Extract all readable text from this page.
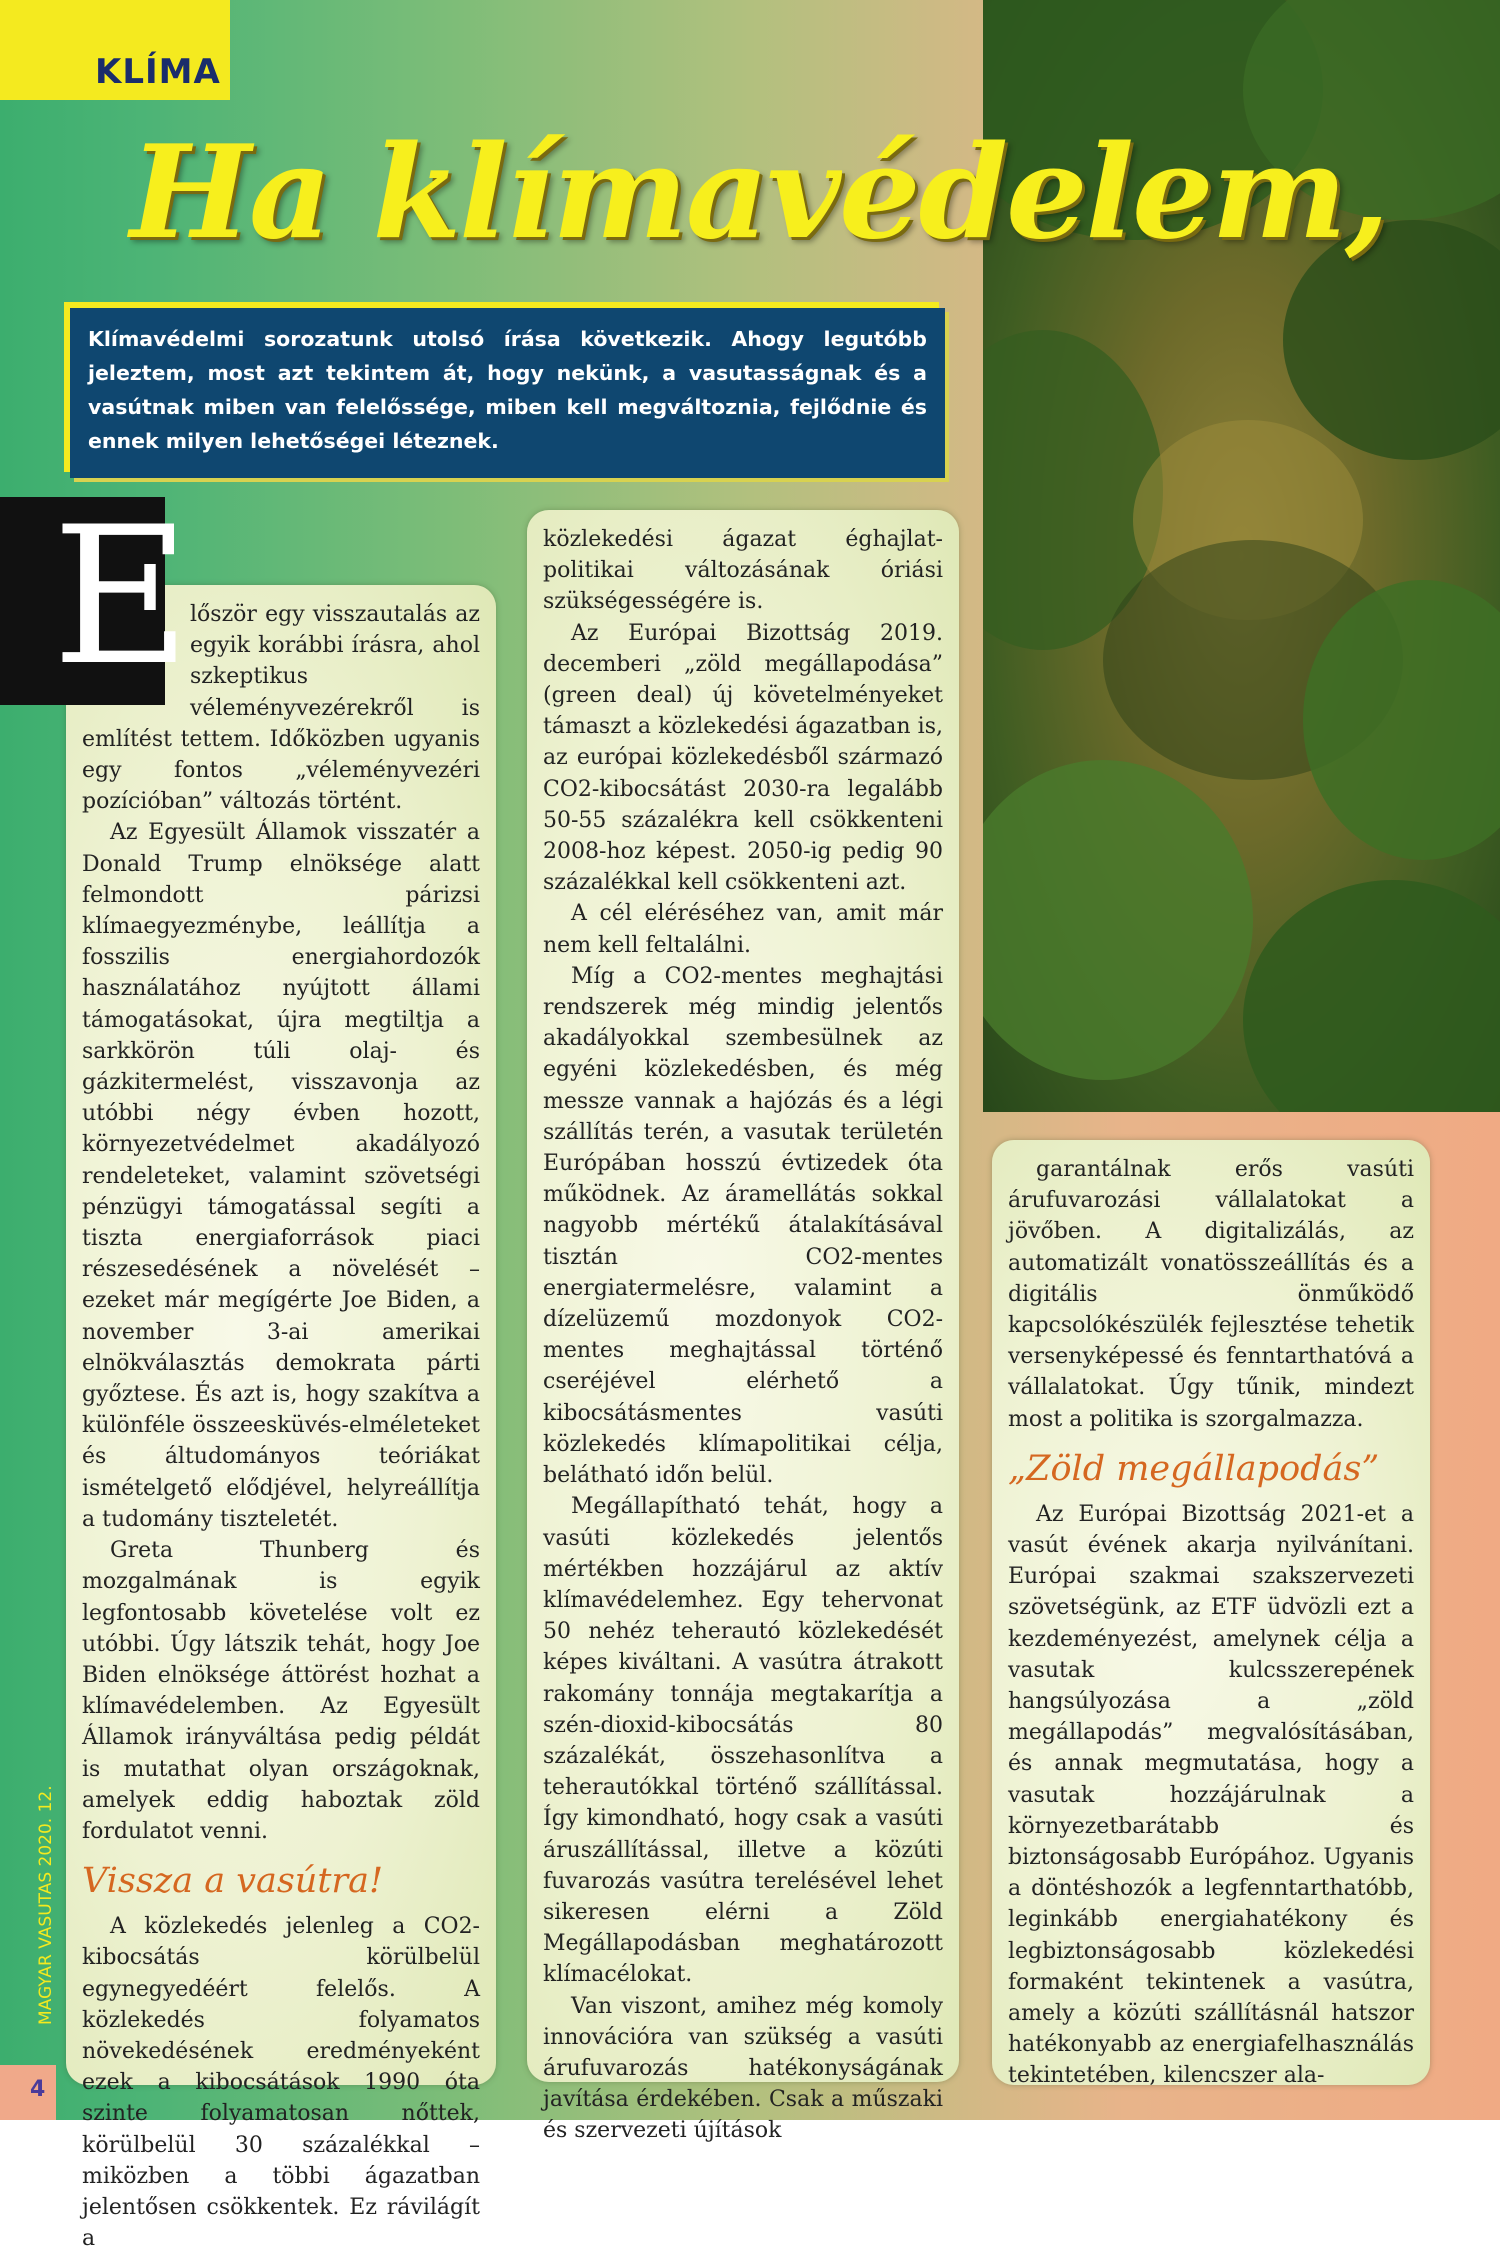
KLÍMA
Ha klímavédelem,

Klímavédelmi sorozatunk utolsó írása következik. Ahogy legutóbb jeleztem, most azt tekintem át, hogy nekünk, a vasutasságnak és a vasútnak miben van felelőssége, miben kell megváltoznia, fejlődnie és ennek milyen lehetőségei léteznek.

lőször egy visszautalás az egyik korábbi írásra, ahol szkeptikus véleményvezérekről is említést tettem. Időközben ugyanis egy fontos „véleményvezéri pozícióban” változás történt.

Az Egyesült Államok visszatér a Donald Trump elnöksége alatt felmondott párizsi klímaegyezménybe, leállítja a fosszilis energiahordozók használatához nyújtott állami támogatásokat, újra megtiltja a sarkkörön túli olaj- és gázkitermelést, visszavonja az utóbbi négy évben hozott, környezetvédelmet akadályozó rendeleteket, valamint szövetségi pénzügyi támogatással segíti a tiszta energiaforrások piaci részesedésének a növelését – ezeket már megígérte Joe Biden, a november 3-ai amerikai elnökválasztás demokrata párti győztese. És azt is, hogy szakítva a különféle összeesküvés-elméleteket és áltudományos teóriákat ismételgető elődjével, helyreállítja a tudomány tiszteletét.

Greta Thunberg és mozgalmának is egyik legfontosabb követelése volt ez utóbbi. Úgy látszik tehát, hogy Joe Biden elnöksége áttörést hozhat a klímavédelemben. Az Egyesült Államok irányváltása pedig példát is mutathat olyan országoknak, amelyek eddig haboztak zöld fordulatot venni.

Vissza a vasútra!

A közlekedés jelenleg a CO2-kibocsátás körülbelül egynegyedéért felelős. A közlekedés folyamatos növekedésének eredményeként ezek a kibocsátások 1990 óta szinte folyamatosan nőttek, körülbelül 30 százalékkal – miközben a többi ágazatban jelentősen csökkentek. Ez rávilágít a

E	közlekedési ágazat éghajlat-politikai változásának óriási szükségességére is.

Az Európai Bizottság 2019. decemberi „zöld megállapodása” (green deal) új követelményeket támaszt a közlekedési ágazatban is, az európai közlekedésből származó CO2-kibocsátást 2030-ra legalább 50-55 százalékra kell csökkenteni 2008-hoz képest. 2050-ig pedig 90 százalékkal kell csökkenteni azt.

A cél eléréséhez van, amit már nem kell feltalálni.

Míg a CO2-mentes meghajtási rendszerek még mindig jelentős akadályokkal szembesülnek az egyéni közlekedésben, és még messze vannak a hajózás és a légi szállítás terén, a vasutak területén Európában hosszú évtizedek óta működnek. Az áramellátás sokkal nagyobb mértékű átalakításával tisztán CO2-mentes energiatermelésre, valamint a dízelüzemű mozdonyok CO2-mentes meghajtással történő cseréjével elérhető a kibocsátásmentes vasúti közlekedés klímapolitikai célja, belátható időn belül.

Megállapítható tehát, hogy a vasúti közlekedés jelentős mértékben hozzájárul az aktív klímavédelemhez. Egy tehervonat 50 nehéz teherautó közlekedését képes kiváltani. A vasútra átrakott rakomány tonnája megtakarítja a szén-dioxid-kibocsátás 80 százalékát, összehasonlítva a teherautókkal történő szállítással. Így kimondható, hogy csak a vasúti áruszállítással, illetve a közúti fuvarozás vasútra terelésével lehet sikeresen elérni a Zöld Megállapodásban meghatározott klímacélokat.

Van viszont, amihez még komoly innovációra van szükség a vasúti árufuvarozás hatékonyságának javítása érdekében. Csak a műszaki és szervezeti újítások

garantálnak erős vasúti árufuvarozási vállalatokat a jövőben. A digitalizálás, az automatizált vonatösszeállítás és a digitális önműködő kapcsolókészülék fejlesztése tehetik versenyképessé és fenntarthatóvá a vállalatokat. Úgy tűnik, mindezt most a politika is szorgalmazza.

„Zöld megállapodás”

Az Európai Bizottság 2021-et a vasút évének akarja nyilvánítani. Európai szakmai szakszervezeti szövetségünk, az ETF üdvözli ezt a kezdeményezést, amelynek célja a vasutak kulcsszerepének hangsúlyozása a „zöld megállapodás” megvalósításában, és annak megmutatása, hogy a vasutak hozzájárulnak a környezetbarátabb és biztonságosabb Európához. Ugyanis a döntéshozók a legfenntarthatóbb, leginkább energiahatékony és legbiztonságosabb közlekedési formaként tekintenek a vasútra, amely a közúti szállításnál hatszor hatékonyabb az energiafelhasználás tekintetében, kilencszer ala-

MAGYAR VASUTAS 2020. 12.
4
